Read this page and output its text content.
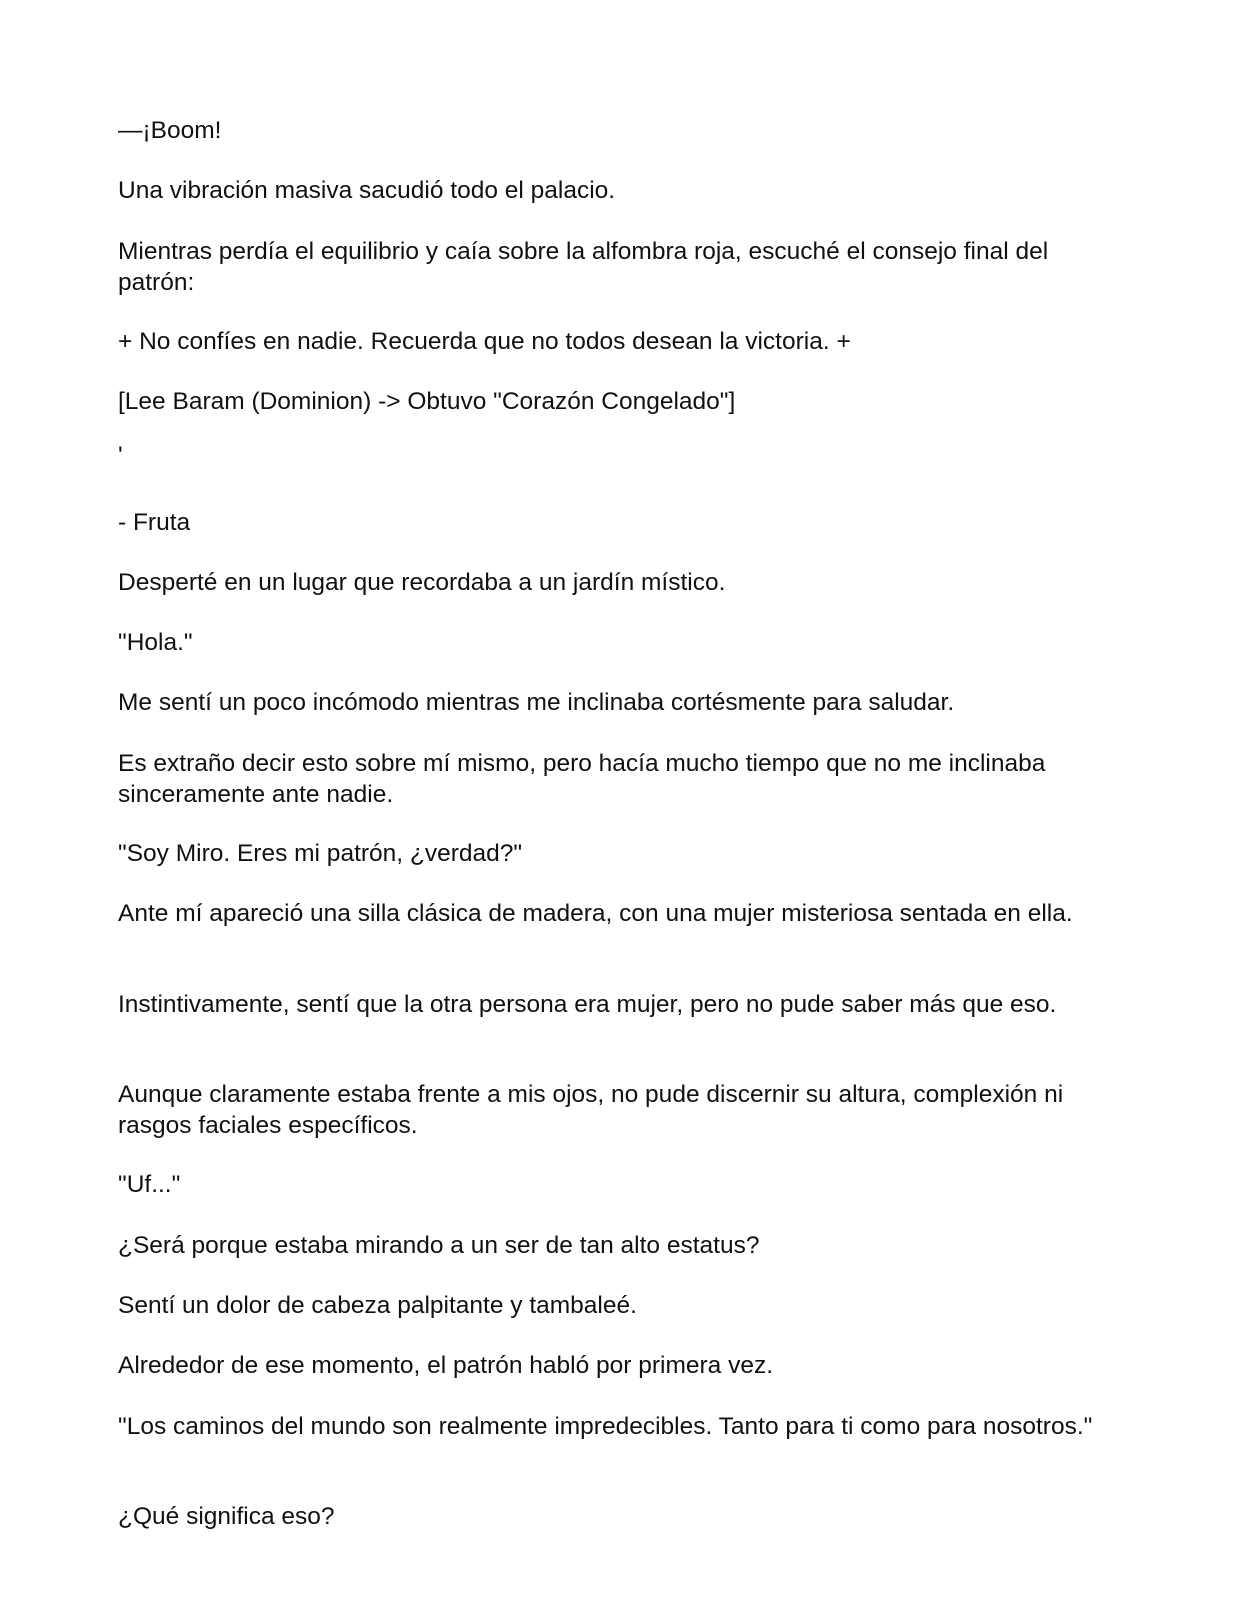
—¡Boom!

Una vibración masiva sacudió todo el palacio.

Mientras perdía el equilibrio y caía sobre la alfombra roja, escuché el consejo final del patrón:

+ No confíes en nadie. Recuerda que no todos desean la victoria. +

[Lee Baram (Dominion) -> Obtuvo "Corazón Congelado"]

'

- Fruta

Desperté en un lugar que recordaba a un jardín místico.

"Hola."

Me sentí un poco incómodo mientras me inclinaba cortésmente para saludar.

Es extraño decir esto sobre mí mismo, pero hacía mucho tiempo que no me inclinaba sinceramente ante nadie.

"Soy Miro. Eres mi patrón, ¿verdad?"

Ante mí apareció una silla clásica de madera, con una mujer misteriosa sentada en ella.

Instintivamente, sentí que la otra persona era mujer, pero no pude saber más que eso.

Aunque claramente estaba frente a mis ojos, no pude discernir su altura, complexión ni rasgos faciales específicos.

"Uf..."

¿Será porque estaba mirando a un ser de tan alto estatus?

Sentí un dolor de cabeza palpitante y tambaleé.

Alrededor de ese momento, el patrón habló por primera vez.

"Los caminos del mundo son realmente impredecibles. Tanto para ti como para nosotros."

¿Qué significa eso?
